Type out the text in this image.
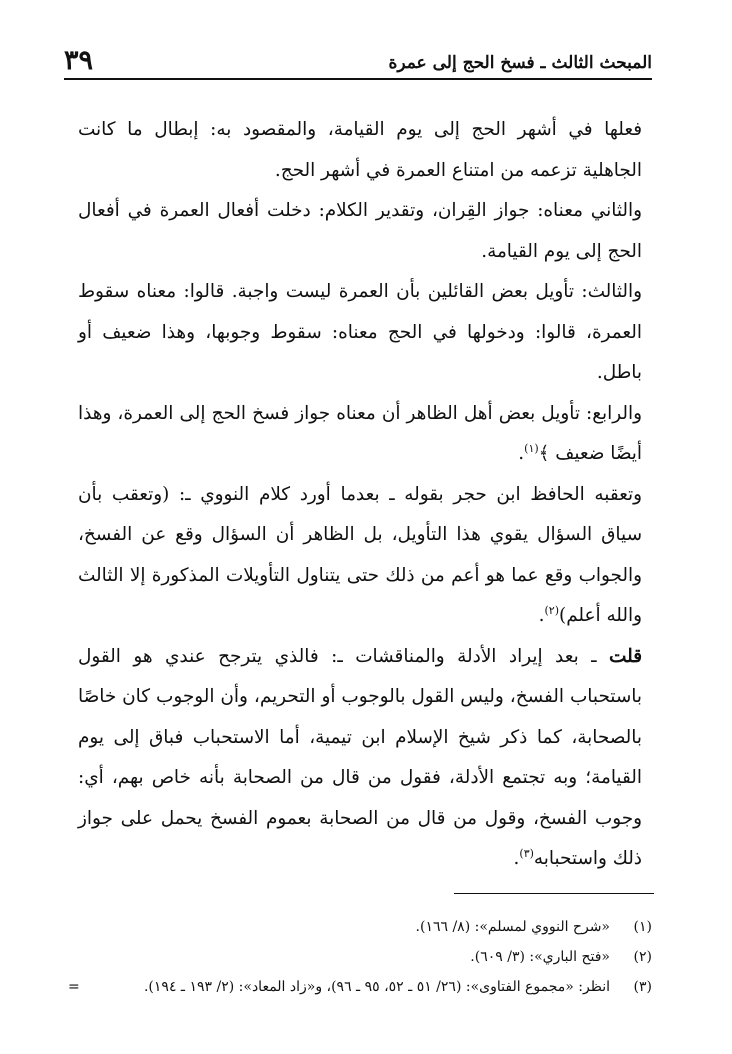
المبحث الثالث ـ فسخ الحج إلى عمرة
٣٩

فعلها في أشهر الحج إلى يوم القيامة، والمقصود به: إبطال ما كانت الجاهلية تزعمه من امتناع العمرة في أشهر الحج.

والثاني معناه: جواز القِران، وتقدير الكلام: دخلت أفعال العمرة في أفعال الحج إلى يوم القيامة.

والثالث: تأويل بعض القائلين بأن العمرة ليست واجبة. قالوا: معناه سقوط العمرة، قالوا: ودخولها في الحج معناه: سقوط وجوبها، وهذا ضعيف أو باطل.

والرابع: تأويل بعض أهل الظاهر أن معناه جواز فسخ الحج إلى العمرة، وهذا أيضًا ضعيف ﴾$^{(١)}$.

وتعقبه الحافظ ابن حجر بقوله ـ بعدما أورد كلام النووي ـ: (وتعقب بأن سياق السؤال يقوي هذا التأويل، بل الظاهر أن السؤال وقع عن الفسخ، والجواب وقع عما هو أعم من ذلك حتى يتناول التأويلات المذكورة إلا الثالث والله أعلم)$^{(٢)}$.

قلت ـ بعد إيراد الأدلة والمناقشات ـ: فالذي يترجح عندي هو القول باستحباب الفسخ، وليس القول بالوجوب أو التحريم، وأن الوجوب كان خاصًا بالصحابة، كما ذكر شيخ الإسلام ابن تيمية، أما الاستحباب فباق إلى يوم القيامة؛ وبه تجتمع الأدلة، فقول من قال من الصحابة بأنه خاص بهم، أي: وجوب الفسخ، وقول من قال من الصحابة بعموم الفسخ يحمل على جواز ذلك واستحبابه$^{(٣)}$.

(١)
«شرح النووي لمسلم»: (٨/ ١٦٦).
(٢)
«فتح الباري»: (٣/ ٦٠٩).
(٣)
انظر: «مجموع الفتاوى»: (٢٦/ ٥١ ـ ٥٢، ٩٥ ـ ٩٦)، و«زاد المعاد»: (٢/ ١٩٣ ـ ١٩٤).
=
